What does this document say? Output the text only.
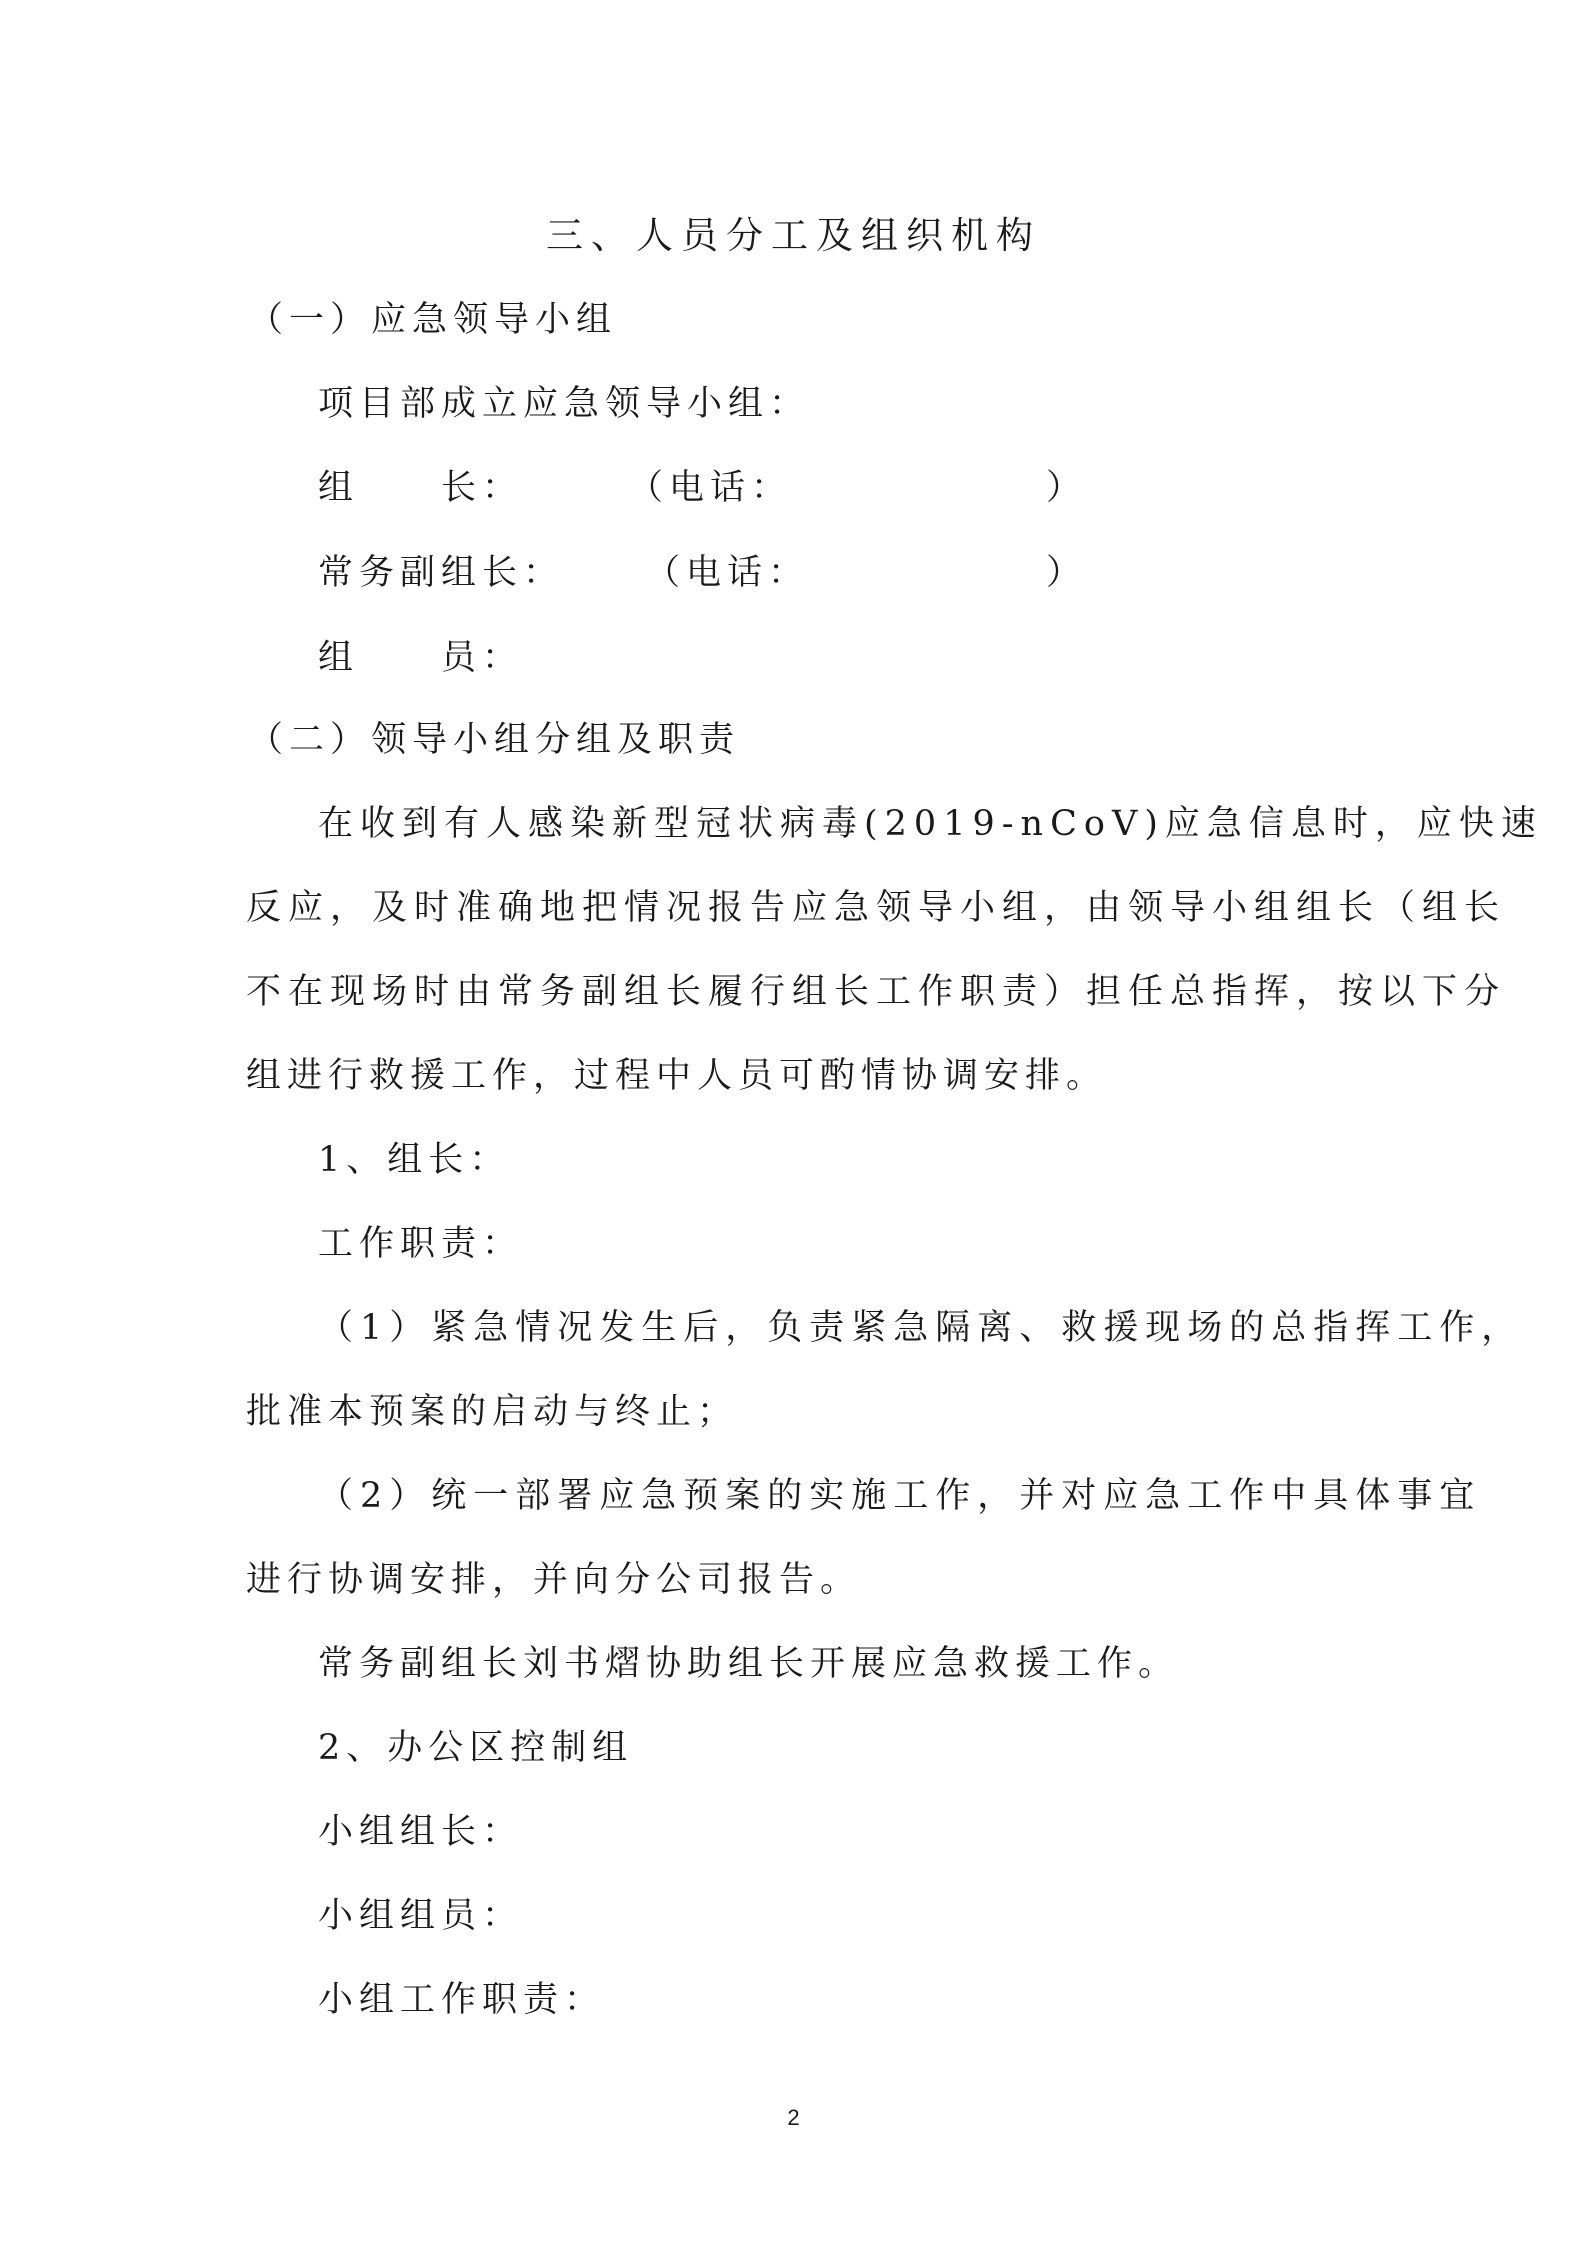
三、人员分工及组织机构
（一）应急领导小组
项目部成立应急领导小组：
组　　长：	（电话：	）
常务副组长： （电话：	）
组　　员：
（二）领导小组分组及职责
在收到有人感染新型冠状病毒(2019-nCoV)应急信息时，应快速
反应，及时准确地把情况报告应急领导小组，由领导小组组长（组长
不在现场时由常务副组长履行组长工作职责）担任总指挥，按以下分
组进行救援工作，过程中人员可酌情协调安排。
1、组长：
工作职责：
（1）紧急情况发生后，负责紧急隔离、救援现场的总指挥工作，
批准本预案的启动与终止；
（2）统一部署应急预案的实施工作，并对应急工作中具体事宜
进行协调安排，并向分公司报告。
常务副组长刘书熠协助组长开展应急救援工作。
2、办公区控制组
小组组长：
小组组员：
小组工作职责：
2
